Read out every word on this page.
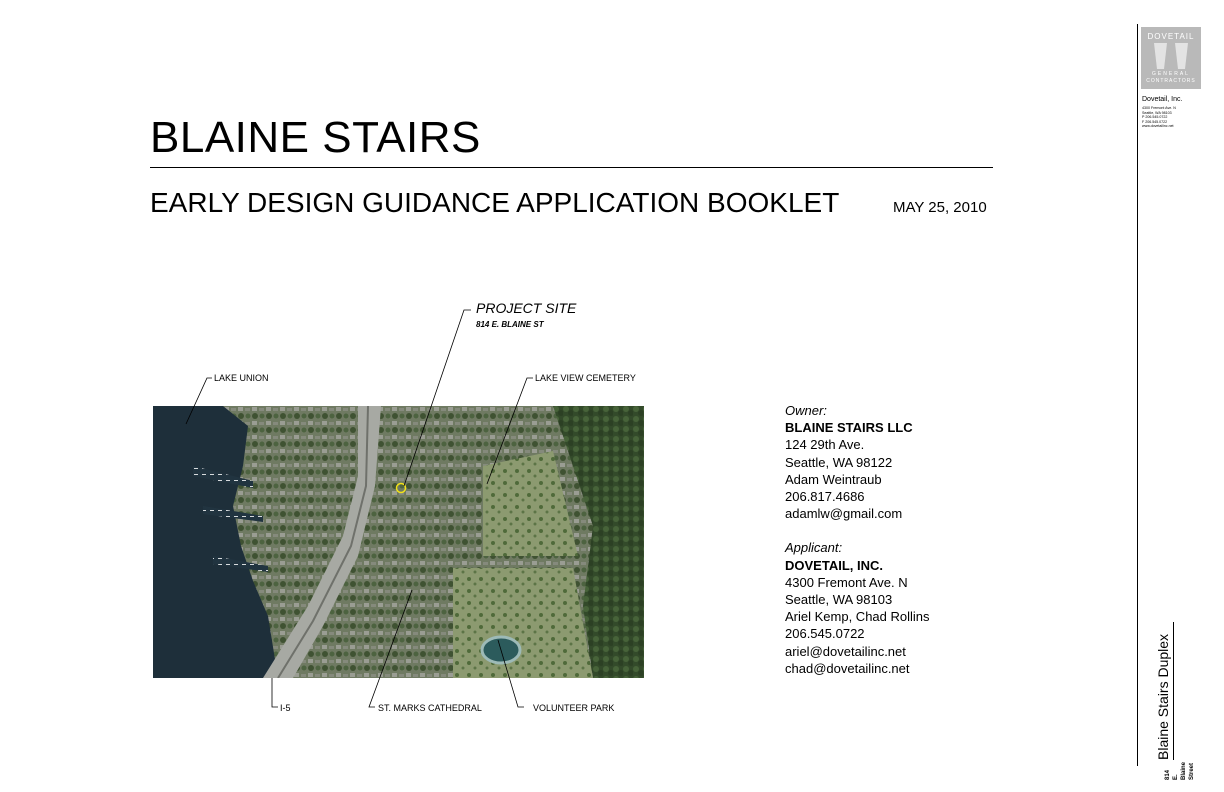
BLAINE STAIRS
EARLY DESIGN GUIDANCE APPLICATION BOOKLET	MAY 25, 2010
DOVETAIL
GENERAL
CONTRACTORS
Dovetail, Inc.
4300 Fremont Ave. N
Seattle, WA 98103
P 206.545.0722
F 206.545.0722
www.dovetailinc.net
Blaine Stairs Duplex
814 E. Blaine Street
PROJECT SITE
814 E. BLAINE ST
LAKE UNION	LAKE VIEW CEMETERY
I-5	ST. MARKS CATHEDRAL	VOLUNTEER PARK
Owner:
BLAINE STAIRS LLC
124 29th Ave.
Seattle, WA 98122
Adam Weintraub
206.817.4686
adamlw@gmail.com
Applicant:
DOVETAIL, INC.
4300 Fremont Ave. N
Seattle, WA 98103
Ariel Kemp, Chad Rollins
206.545.0722
ariel@dovetailinc.net
chad@dovetailinc.net
